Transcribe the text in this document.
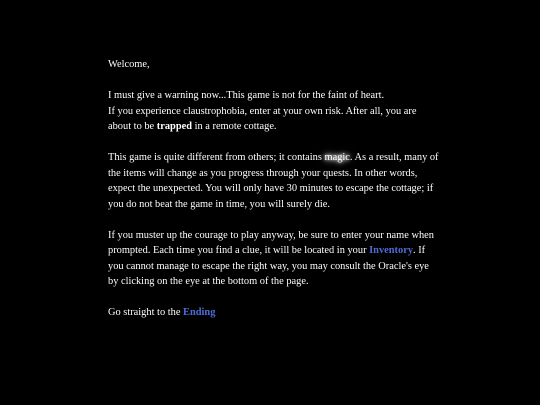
Welcome,

I must give a warning now...This game is not for the faint of heart.
If you experience claustrophobia, enter at your own risk. After all, you are about to be trapped in a remote cottage.

This game is quite different from others; it contains magic. As a result, many of the items will change as you progress through your quests. In other words, expect the unexpected. You will only have 30 minutes to escape the cottage; if you do not beat the game in time, you will surely die.

If you muster up the courage to play anyway, be sure to enter your name when prompted. Each time you find a clue, it will be located in your Inventory. If you cannot manage to escape the right way, you may consult the Oracle's eye by clicking on the eye at the bottom of the page.

Go straight to the Ending
